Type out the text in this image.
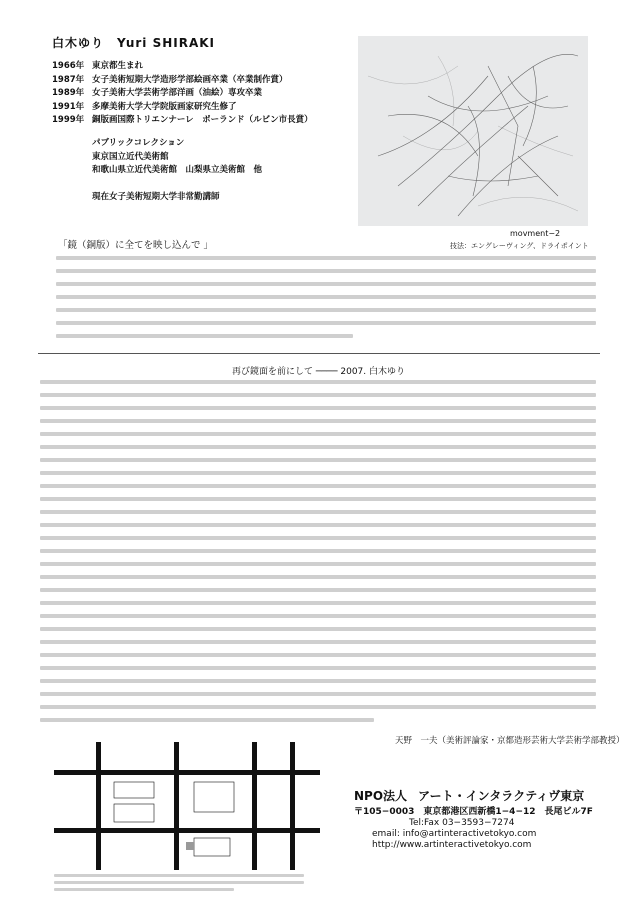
白木ゆり　Yuri SHIRAKI
1966年 東京都生まれ
1987年 女子美術短期大学造形学部絵画卒業（卒業制作賞）
1989年 女子美術大学芸術学部洋画（油絵）専攻卒業
1991年 多摩美術大学大学院版画家研究生修了
1999年 銅版画国際トリエンナーレ　ポーランド（ルビン市長賞）
パブリックコレクション
東京国立近代美術館
和歌山県立近代美術館　山梨県立美術館　他
現在女子美術短期大学非常勤講師
movment−2
技法：エングレーヴィング、ドライポイント
「鏡（銅版）に全てを映し込んで 」
再び鏡面を前にして ──── 2007. 白木ゆり
天野　一夫（美術評論家・京都造形芸術大学芸術学部教授）
NPO法人　 アート・インタラクティヴ東京
〒105−0003　東京都港区西新橋1−4−12　長尾ビル7F
Tel:Fax 03−3593−7274
email: info@artinteractivetokyo.com
http://www.artinteractivetokyo.com
